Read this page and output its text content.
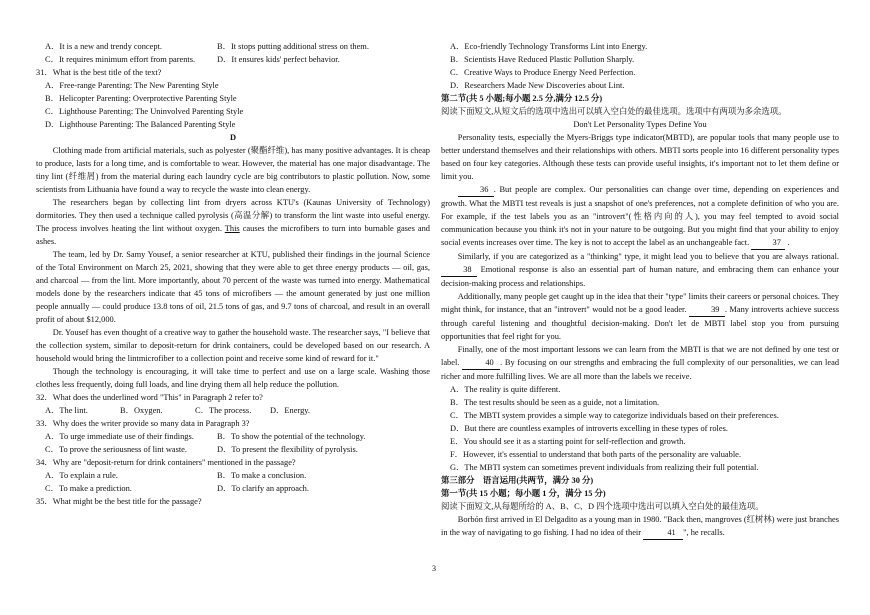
A．It is a new and trendy concept.	B．It stops putting additional stress on them.
C．It requires minimum effort from parents.	D．It ensures kids' perfect behavior.
31．What is the best title of the text?
A．Free-range Parenting: The New Parenting Style
B．Helicopter Parenting: Overprotective Parenting Style
C．Lighthouse Parenting: The Uninvolved Parenting Style
D．Lighthouse Parenting: The Balanced Parenting Style
D

Clothing made from artificial materials, such as polyester (聚酯纤维), has many positive advantages. It is cheap to produce, lasts for a long time, and is comfortable to wear. However, the material has one major disadvantage. The tiny lint (纤维屑) from the material during each laundry cycle are big contributors to plastic pollution. Now, some scientists from Lithuania have found a way to recycle the waste into clean energy.

The researchers began by collecting lint from dryers across KTU's (Kaunas University of Technology) dormitories. They then used a technique called pyrolysis (高温分解) to transform the lint waste into useful energy. The process involves heating the lint without oxygen. This causes the microfibers to turn into burnable gases and ashes.

The team, led by Dr. Samy Yousef, a senior researcher at KTU, published their findings in the journal Science of the Total Environment on March 25, 2021, showing that they were able to get three energy products — oil, gas, and charcoal — from the lint. More importantly, about 70 percent of the waste was turned into energy. Mathematical models done by the researchers indicate that 45 tons of microfibers — the amount generated by just one million people annually — could produce 13.8 tons of oil, 21.5 tons of gas, and 9.7 tons of charcoal, and result in an overall profit of about $12,000.

Dr. Yousef has even thought of a creative way to gather the household waste. The researcher says, "I believe that the collection system, similar to deposit-return for drink containers, could be developed based on our research. A household would bring the lintmicrofiber to a collection point and receive some kind of reward for it."

Though the technology is encouraging, it will take time to perfect and use on a large scale. Washing those clothes less frequently, doing full loads, and line drying them all help reduce the pollution.

32．What does the underlined word "This" in Paragraph 2 refer to?
A．The lint.	B．Oxygen.	C．The process.	D．Energy.
33．Why does the writer provide so many data in Paragraph 3?
A．To urge immediate use of their findings.	B．To show the potential of the technology.
C．To prove the seriousness of lint waste.	D．To present the flexibility of pyrolysis.
34．Why are "deposit-return for drink containers" mentioned in the passage?
A．To explain a rule.	B．To make a conclusion.
C．To make a prediction.	D．To clarify an approach.
35．What might be the best title for the passage?
A．Eco-friendly Technology Transforms Lint into Energy.
B．Scientists Have Reduced Plastic Pollution Sharply.
C．Creative Ways to Produce Energy Need Perfection.
D．Researchers Made New Discoveries about Lint.
第二节(共 5 小题;每小题 2.5 分,满分 12.5 分)
阅读下面短文,从短文后的选项中选出可以填入空白处的最佳选项。选项中有两项为多余选项。
Don't Let Personality Types Define You

Personality tests, especially the Myers-Briggs type indicator(MBTD), are popular tools that many people use to better understand themselves and their relationships with others. MBTI sorts people into 16 different personality types based on four key categories. Although these tests can provide useful insights, it's important not to let them define or limit you.

36 . But people are complex. Our personalities can change over time, depending on experiences and growth. What the MBTI test reveals is just a snapshot of one's preferences, not a complete definition of who you are. For example, if the test labels you as an "introvert"(性格内向的人), you may feel tempted to avoid social communication because you think it's not in your nature to be outgoing. But you might find that your ability to enjoy social events increases over time. The key is not to accept the label as an unchangeable fact.	37 .

Similarly, if you are categorized as a "thinking" type, it might lead you to believe that you are always rational. 38 Emotional response is also an essential part of human nature, and embracing them can enhance your decision-making process and relationships.

Additionally, many people get caught up in the idea that their "type" limits their careers or personal choices. They might think, for instance, that an "introvert" would not be a good leader.	39 . Many introverts achieve success through careful listening and thoughtful decision-making. Don't let de MBTI label stop you from pursuing opportunities that feel right for you.

Finally, one of the most important lessons we can learn from the MBTI is that we are not defined by one test or label.	40 . By focusing on our strengths and embracing the full complexity of our personalities, we can lead richer and more fulfilling lives. We are all more than the labels we receive.

A．The reality is quite different.
B．The test results should be seen as a guide, not a limitation.
C．The MBTI system provides a simple way to categorize individuals based on their preferences.
D．But there are countless examples of introverts excelling in these types of roles.
E．You should see it as a starting point for self-reflection and growth.
F．However, it's essential to understand that both parts of the personality are valuable.
G．The MBTI system can sometimes prevent individuals from realizing their full potential.
第三部分　语言运用(共两节，满分 30 分)
第一节(共 15 小题；每小题 1 分，满分 15 分)
阅读下面短文,从每题所给的 A、B、C、D 四个选项中选出可以填入空白处的最佳选项。

Borbón first arrived in El Delgadito as a young man in 1980. "Back then, mangroves (红树林) were just branches in the way of navigating to go fishing. I had no idea of their	41 ", he recalls.

3
